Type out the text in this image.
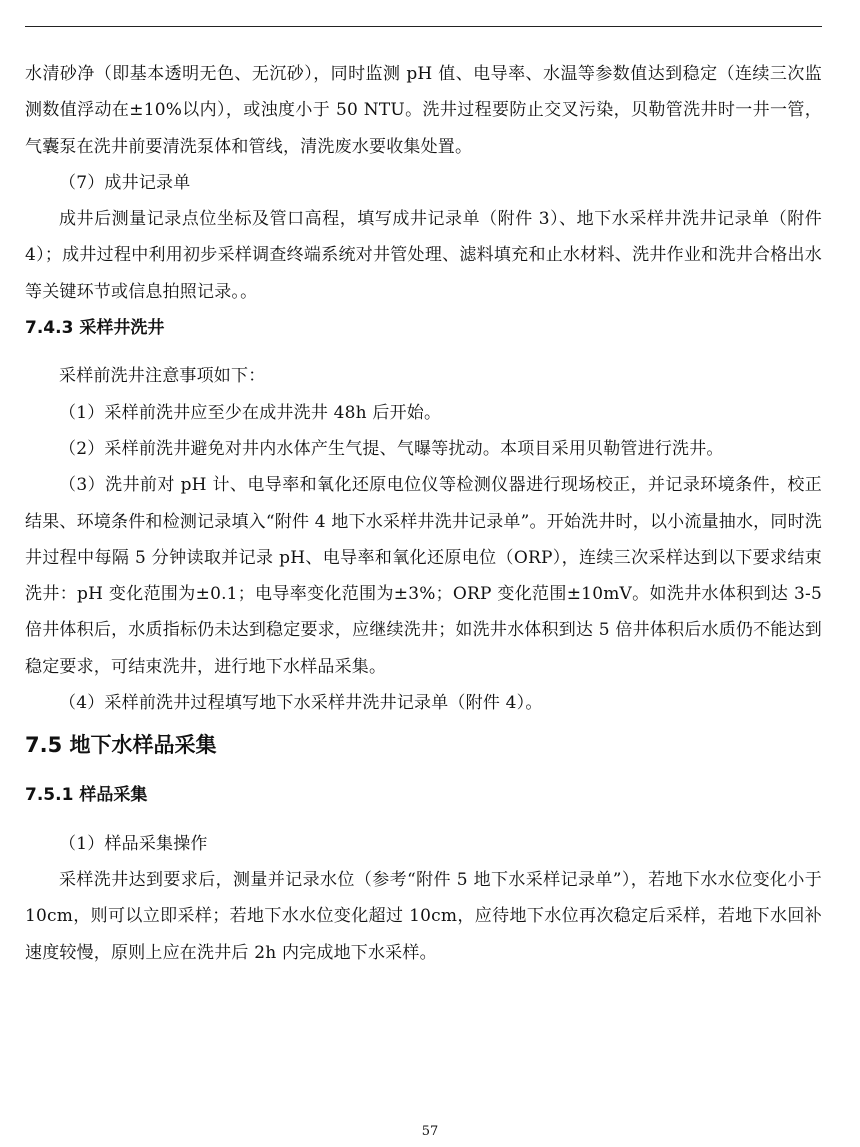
水清砂净（即基本透明无色、无沉砂），同时监测 pH 值、电导率、水温等参数值达到稳定（连续三次监测数值浮动在±10%以内），或浊度小于 50 NTU。洗井过程要防止交叉污染，贝勒管洗井时一井一管，气囊泵在洗井前要清洗泵体和管线，清洗废水要收集处置。

（7）成井记录单

成井后测量记录点位坐标及管口高程，填写成井记录单（附件 3）、地下水采样井洗井记录单（附件 4）；成井过程中利用初步采样调查终端系统对井管处理、滤料填充和止水材料、洗井作业和洗井合格出水等关键环节或信息拍照记录。。

7.4.3 采样井洗井

采样前洗井注意事项如下：

（1）采样前洗井应至少在成井洗井 48h 后开始。

（2）采样前洗井避免对井内水体产生气提、气曝等扰动。本项目采用贝勒管进行洗井。

（3）洗井前对 pH 计、电导率和氧化还原电位仪等检测仪器进行现场校正，并记录环境条件，校正结果、环境条件和检测记录填入“附件 4 地下水采样井洗井记录单”。开始洗井时，以小流量抽水，同时洗井过程中每隔 5 分钟读取并记录 pH、电导率和氧化还原电位（ORP），连续三次采样达到以下要求结束洗井：pH 变化范围为±0.1；电导率变化范围为±3%；ORP 变化范围±10mV。如洗井水体积到达 3-5 倍井体积后，水质指标仍未达到稳定要求，应继续洗井；如洗井水体积到达 5 倍井体积后水质仍不能达到稳定要求，可结束洗井，进行地下水样品采集。

（4）采样前洗井过程填写地下水采样井洗井记录单（附件 4）。

7.5 地下水样品采集

7.5.1 样品采集

（1）样品采集操作

采样洗井达到要求后，测量并记录水位（参考“附件 5 地下水采样记录单”），若地下水水位变化小于 10cm，则可以立即采样；若地下水水位变化超过 10cm，应待地下水位再次稳定后采样，若地下水回补速度较慢，原则上应在洗井后 2h 内完成地下水采样。

57
